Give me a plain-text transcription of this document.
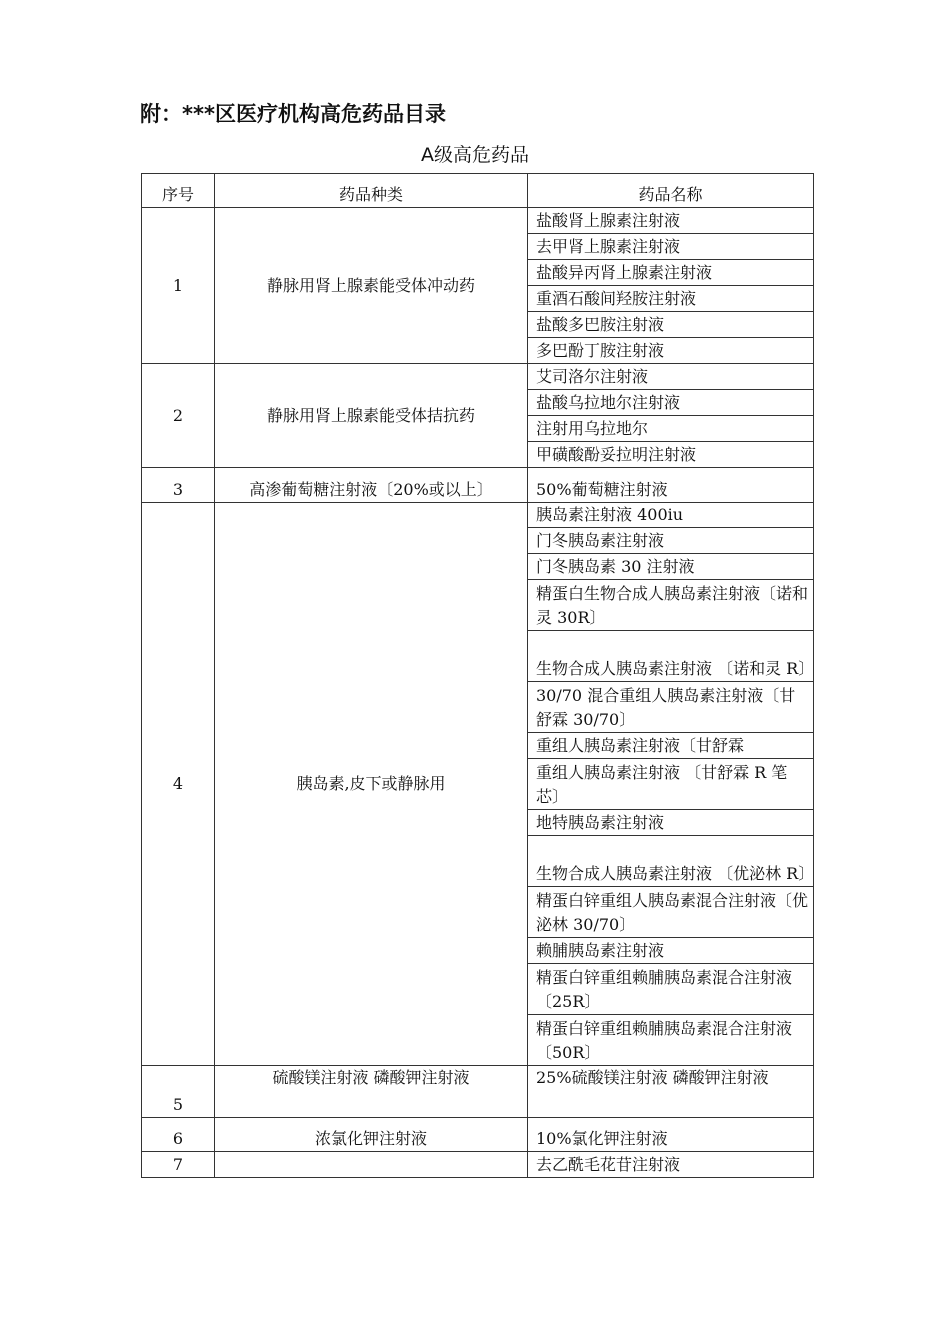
附：***区医疗机构高危药品目录
A级高危药品
序号	药品种类	药品名称
1	静脉用肾上腺素能受体冲动药	盐酸肾上腺素注射液
		去甲肾上腺素注射液
		盐酸异丙肾上腺素注射液
		重酒石酸间羟胺注射液
		盐酸多巴胺注射液
		多巴酚丁胺注射液
2	静脉用肾上腺素能受体拮抗药	艾司洛尔注射液
		盐酸乌拉地尔注射液
		注射用乌拉地尔
		甲磺酸酚妥拉明注射液
3	高渗葡萄糖注射液〔20%或以上〕	50%葡萄糖注射液
4	胰岛素,皮下或静脉用	胰岛素注射液 400iu
		门冬胰岛素注射液
		门冬胰岛素 30 注射液
		精蛋白生物合成人胰岛素注射液〔诺和灵 30R〕
		生物合成人胰岛素注射液 〔诺和灵 R〕
		30/70 混合重组人胰岛素注射液〔甘舒霖 30/70〕
		重组人胰岛素注射液〔甘舒霖
		重组人胰岛素注射液 〔甘舒霖 R 笔芯〕
		地特胰岛素注射液
		生物合成人胰岛素注射液 〔优泌林 R〕
		精蛋白锌重组人胰岛素混合注射液〔优泌林 30/70〕
		赖脯胰岛素注射液
		精蛋白锌重组赖脯胰岛素混合注射液〔25R〕
		精蛋白锌重组赖脯胰岛素混合注射液〔50R〕
5	硫酸镁注射液 磷酸钾注射液	25%硫酸镁注射液 磷酸钾注射液
6	浓氯化钾注射液	10%氯化钾注射液
7		去乙酰毛花苷注射液
